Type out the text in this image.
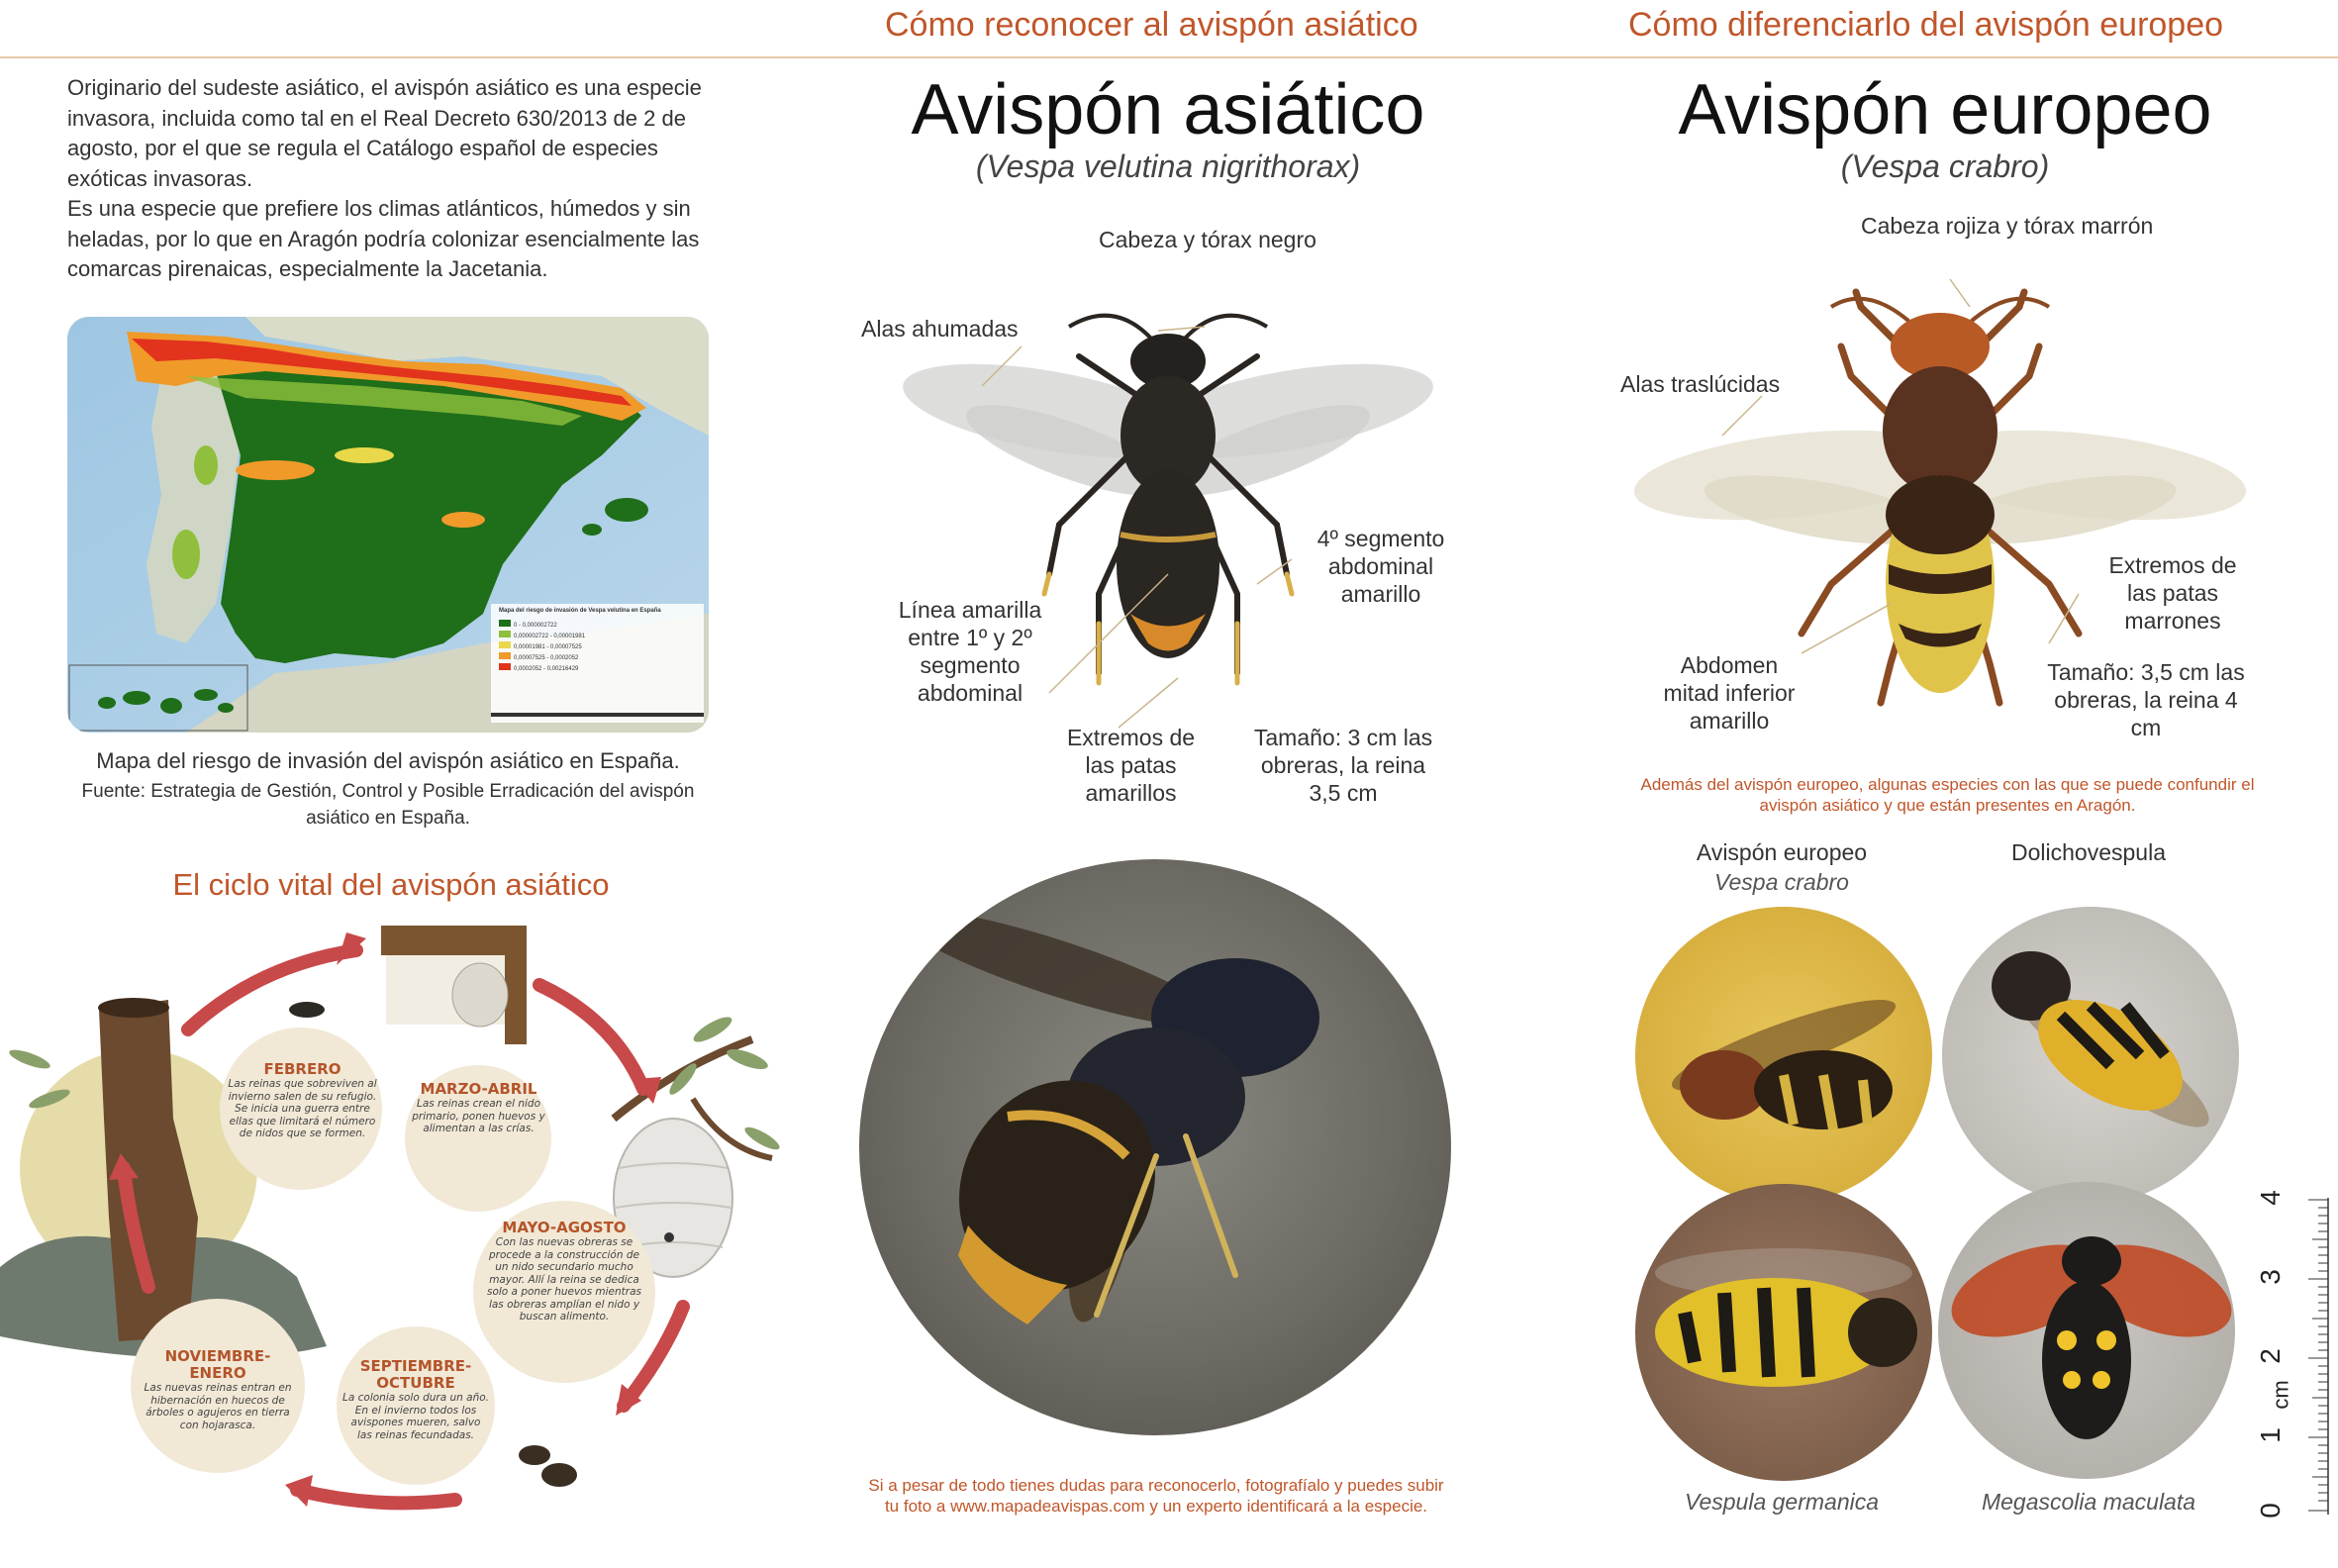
Cómo reconocer al avispón asiático	Cómo diferenciarlo del avispón europeo

Originario del sudeste asiático, el avispón asiático es una especie invasora, incluida como tal en el Real Decreto 630/2013 de 2 de agosto, por el que se regula el Catálogo español de especies exóticas invasoras.

Es una especie que prefiere los climas atlánticos, húmedos y sin heladas, por lo que en Aragón podría colonizar esencialmente las comarcas pirenaicas, especialmente la Jacetania.

Mapa del riesgo de invasión de Vespa velutina en España
0 - 0,000002722
0,000002722 - 0,00001981
0,00001981 - 0,00007525
0,00007525 - 0,0002052
0,0002052 - 0,00216429
Mapa del riesgo de invasión del avispón asiático en España.
Fuente: Estrategia de Gestión, Control y Posible Erradicación del avispón asiático en España.
El ciclo vital del avispón asiático
FEBRERO
Las reinas que sobreviven al invierno salen de su refugio. Se inicia una guerra entre ellas que limitará el número de nidos que se formen.
MARZO-ABRIL
Las reinas crean el nido primario, ponen huevos y alimentan a las crías.
MAYO-AGOSTO
Con las nuevas obreras se procede a la construcción de un nido secundario mucho mayor. Allí la reina se dedica solo a poner huevos mientras las obreras amplían el nido y buscan alimento.
SEPTIEMBRE-OCTUBRE
La colonia solo dura un año. En el invierno todos los avispones mueren, salvo las reinas fecundadas.
NOVIEMBRE-ENERO
Las nuevas reinas entran en hibernación en huecos de árboles o agujeros en tierra con hojarasca.
Avispón asiático
(Vespa velutina nigrithorax)
Cabeza y tórax negro
Alas ahumadas
4º segmento abdominal amarillo
Línea amarilla entre 1º y 2º segmento abdominal
Extremos de las patas amarillos
Tamaño: 3 cm las obreras, la reina 3,5 cm
Si a pesar de todo tienes dudas para reconocerlo, fotografíalo y puedes subir tu foto a www.mapadeavispas.com y un experto identificará a la especie.
Avispón europeo
(Vespa crabro)
Cabeza rojiza y tórax marrón
Alas traslúcidas
Extremos de las patas marrones
Abdomen mitad inferior amarillo
Tamaño: 3,5 cm las obreras, la reina 4 cm
Además del avispón europeo, algunas especies con las que se puede confundir el avispón asiático y que están presentes en Aragón.
Avispón europeo
Vespa crabro
Dolichovespula
Vespula germanica	Megascolia maculata
4
3
2
1
cm
0
